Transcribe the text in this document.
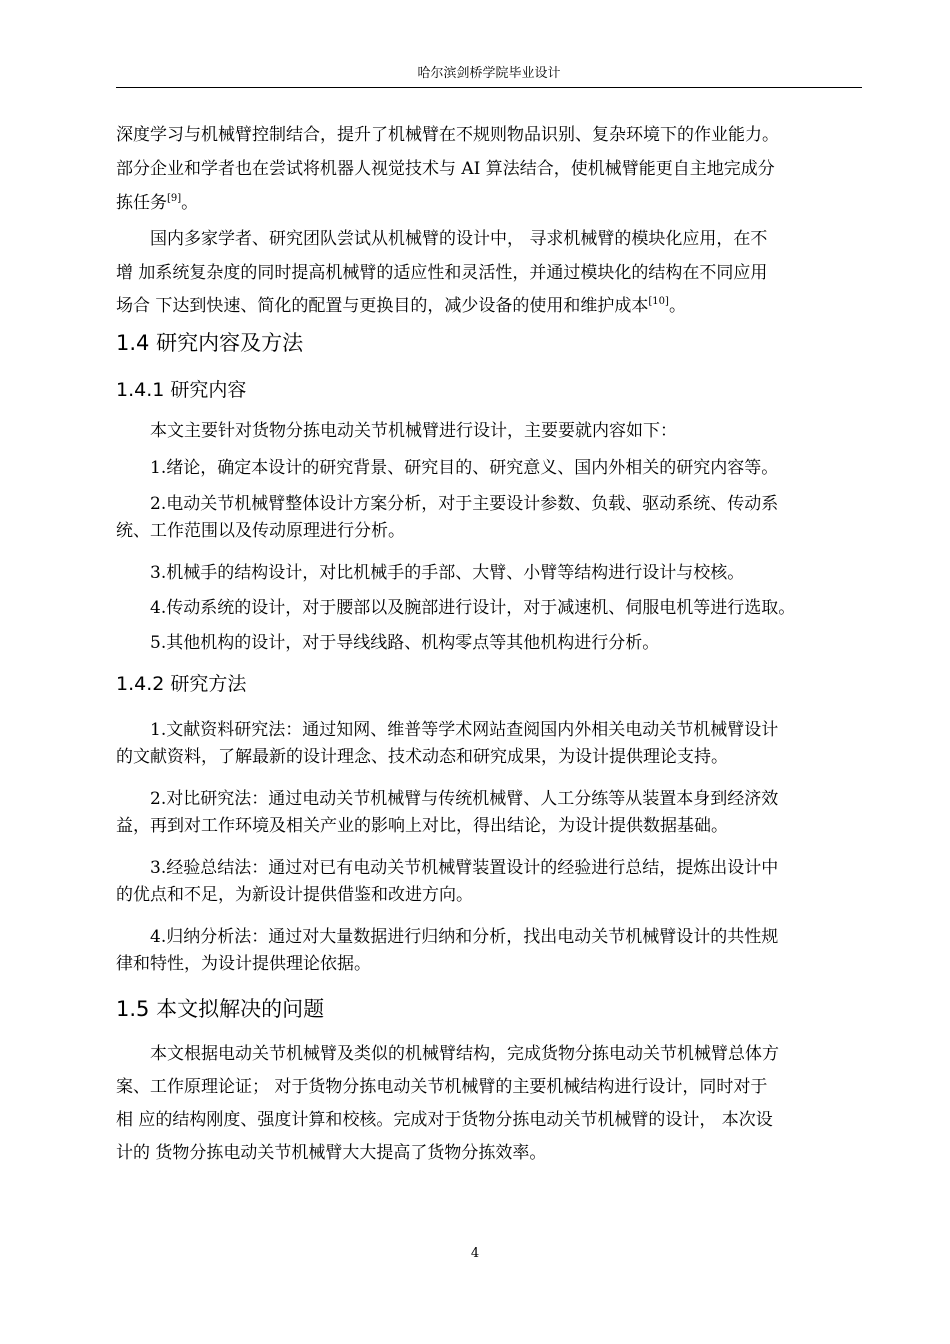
哈尔滨剑桥学院毕业设计
深度学习与机械臂控制结合，提升了机械臂在不规则物品识别、复杂环境下的作业能力。
部分企业和学者也在尝试将机器人视觉技术与 AI 算法结合，使机械臂能更自主地完成分
拣任务[9]。
国内多家学者、研究团队尝试从机械臂的设计中， 寻求机械臂的模块化应用，在不
增 加系统复杂度的同时提高机械臂的适应性和灵活性，并通过模块化的结构在不同应用
场合 下达到快速、简化的配置与更换目的，减少设备的使用和维护成本[10]。
1.4 研究内容及方法
1.4.1 研究内容
本文主要针对货物分拣电动关节机械臂进行设计，主要要就内容如下：
1.绪论，确定本设计的研究背景、研究目的、研究意义、国内外相关的研究内容等。
2.电动关节机械臂整体设计方案分析，对于主要设计参数、负载、驱动系统、传动系
统、工作范围以及传动原理进行分析。
3.机械手的结构设计，对比机械手的手部、大臂、小臂等结构进行设计与校核。
4.传动系统的设计，对于腰部以及腕部进行设计，对于减速机、伺服电机等进行选取。
5.其他机构的设计，对于导线线路、机构零点等其他机构进行分析。
1.4.2 研究方法
1.文献资料研究法：通过知网、维普等学术网站查阅国内外相关电动关节机械臂设计
的文献资料，了解最新的设计理念、技术动态和研究成果，为设计提供理论支持。
2.对比研究法：通过电动关节机械臂与传统机械臂、人工分练等从装置本身到经济效
益，再到对工作环境及相关产业的影响上对比，得出结论，为设计提供数据基础。
3.经验总结法：通过对已有电动关节机械臂装置设计的经验进行总结，提炼出设计中
的优点和不足，为新设计提供借鉴和改进方向。
4.归纳分析法：通过对大量数据进行归纳和分析，找出电动关节机械臂设计的共性规
律和特性，为设计提供理论依据。
1.5 本文拟解决的问题
本文根据电动关节机械臂及类似的机械臂结构，完成货物分拣电动关节机械臂总体方
案、工作原理论证； 对于货物分拣电动关节机械臂的主要机械结构进行设计，同时对于
相 应的结构刚度、强度计算和校核。完成对于货物分拣电动关节机械臂的设计， 本次设
计的 货物分拣电动关节机械臂大大提高了货物分拣效率。
4
